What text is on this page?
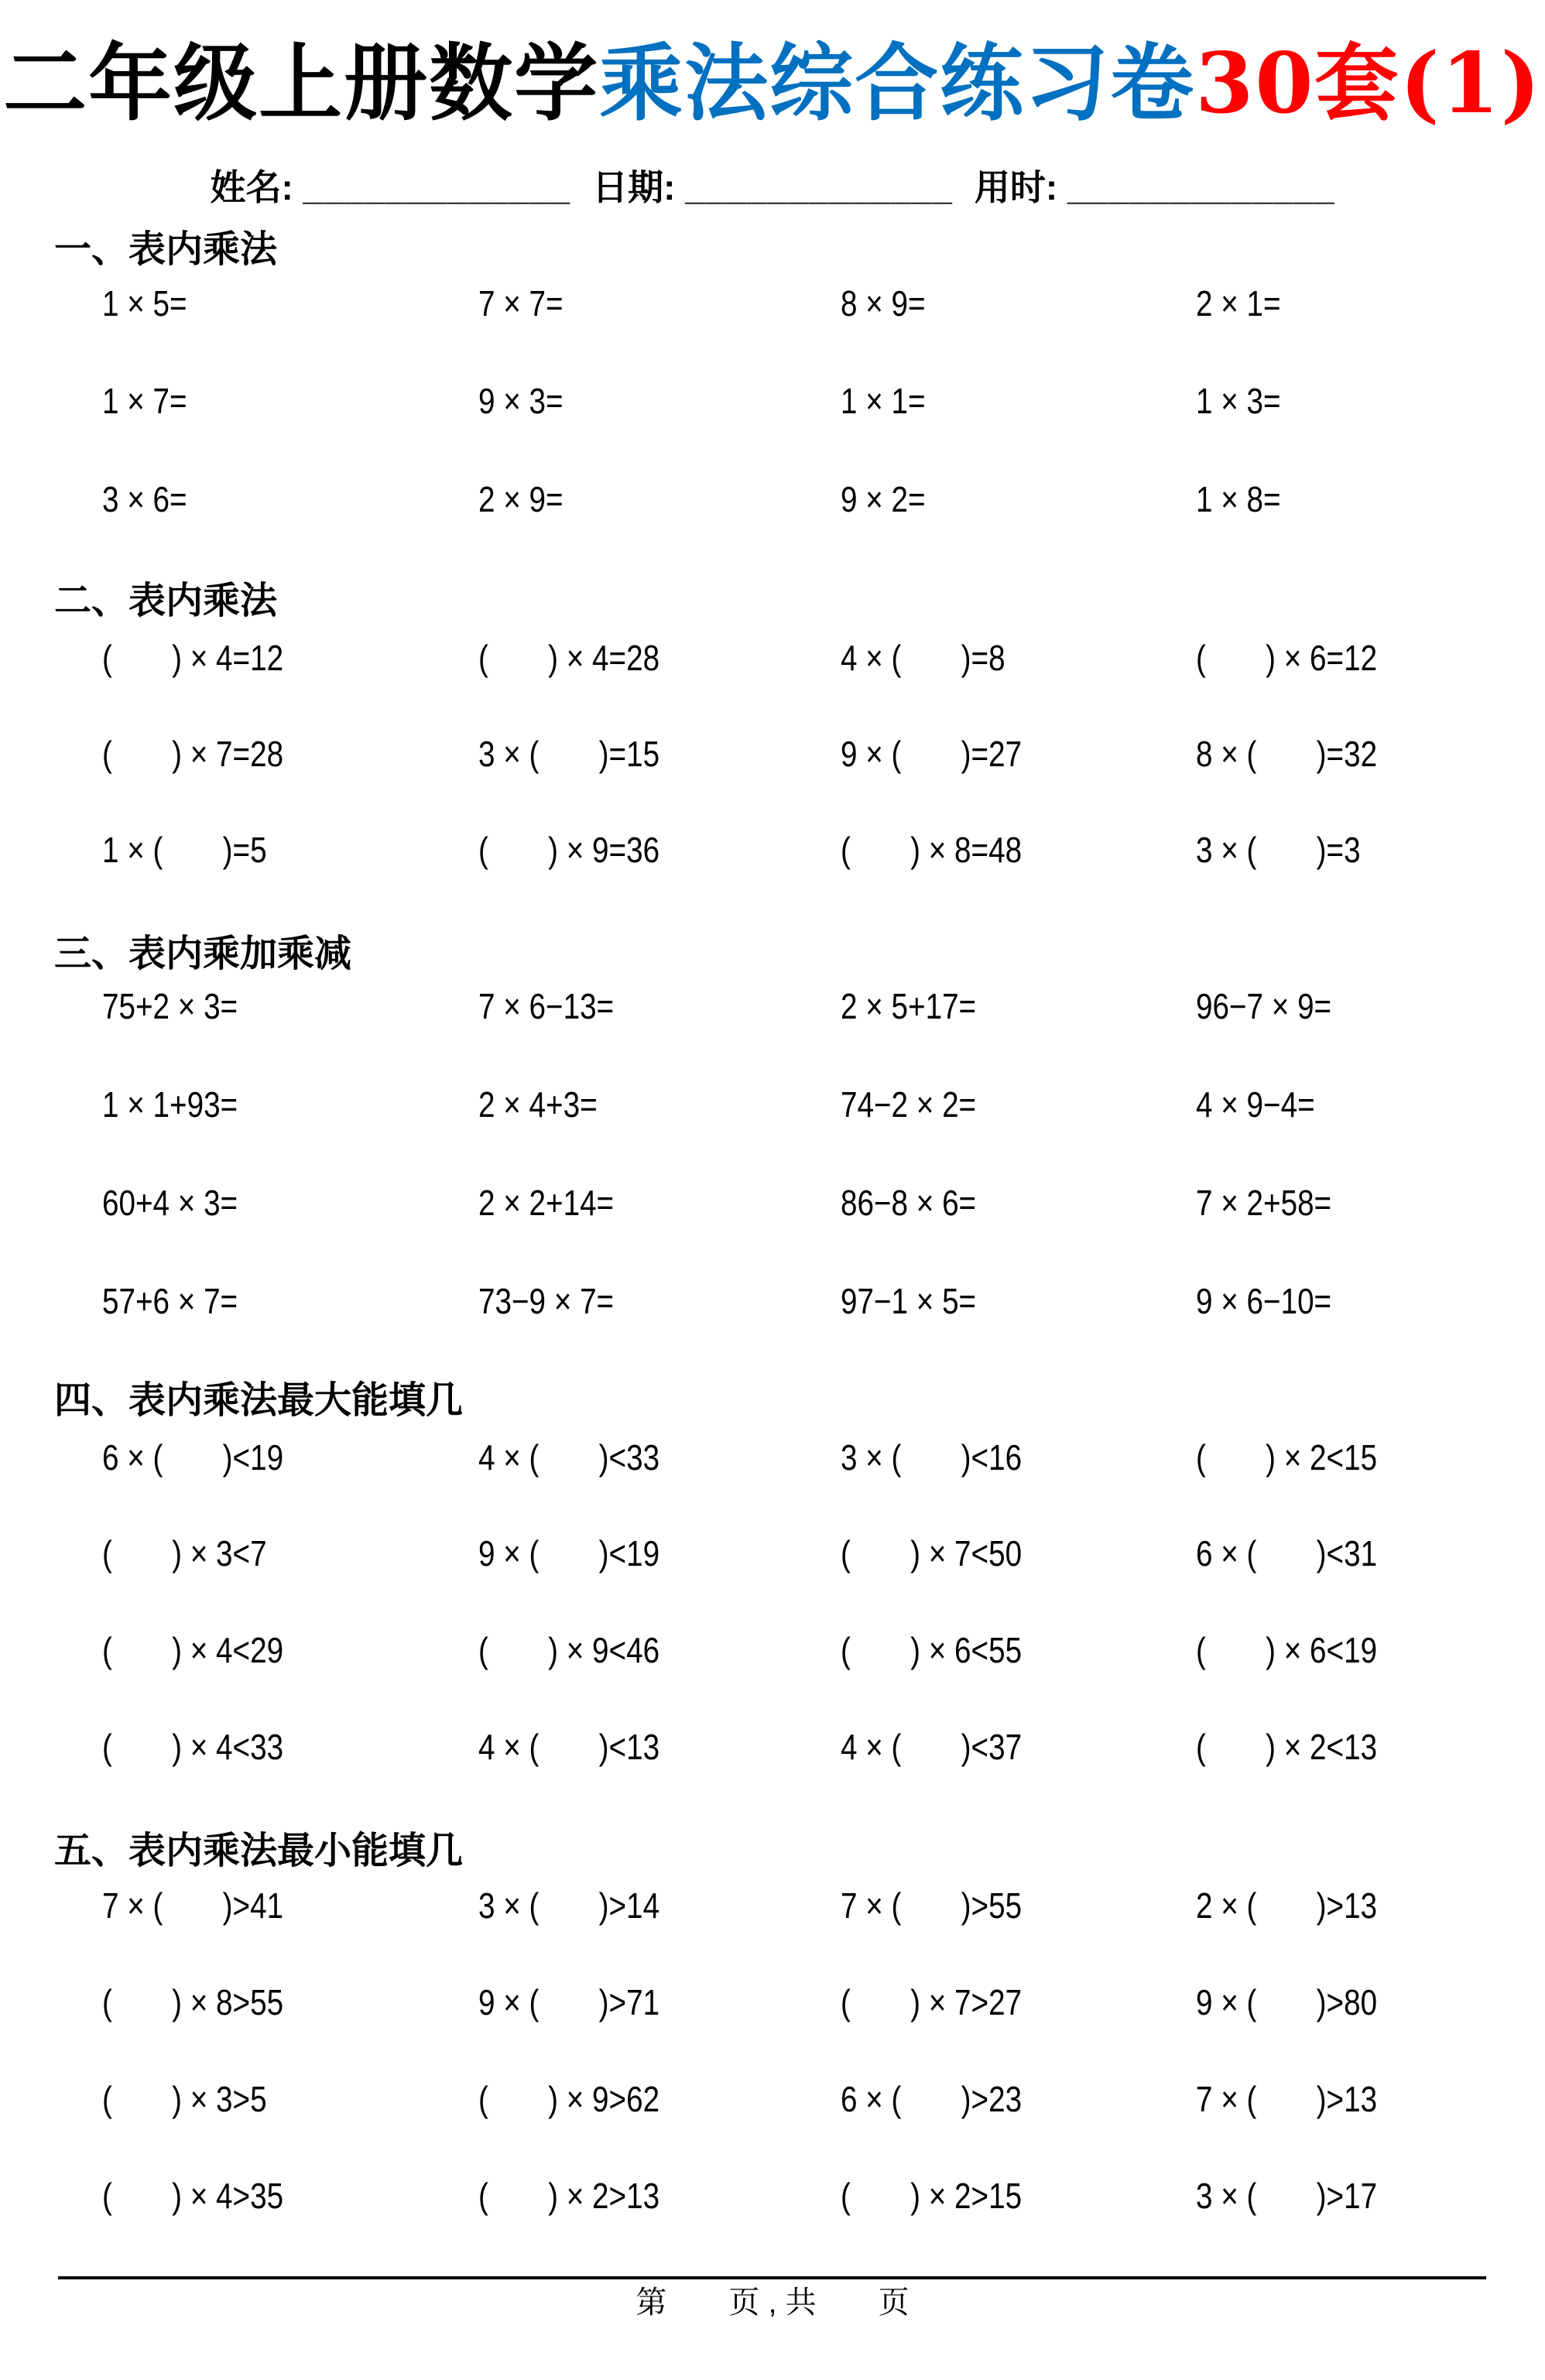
二年级上册数学乘法综合练习卷30套(1)
姓名: _____________ 日期: _____________ 用时: _____________
一、表内乘法
1 × 5=	7 × 7=	8 × 9=	2 × 1=
1 × 7=	9 × 3=	1 × 1=	1 × 3=
3 × 6=	2 × 9=	9 × 2=	1 × 8=
二、表内乘法
(　　) × 4=12	(　　) × 4=28	4 × (　　)=8	(　　) × 6=12
(　　) × 7=28	3 × (　　)=15	9 × (　　)=27	8 × (　　)=32
1 × (　　)=5	(　　) × 9=36	(　　) × 8=48	3 × (　　)=3
三、表内乘加乘减
75+2 × 3=	7 × 6−13=	2 × 5+17=	96−7 × 9=
1 × 1+93=	2 × 4+3=	74−2 × 2=	4 × 9−4=
60+4 × 3=	2 × 2+14=	86−8 × 6=	7 × 2+58=
57+6 × 7=	73−9 × 7=	97−1 × 5=	9 × 6−10=
四、表内乘法最大能填几
6 × (　　)<19	4 × (　　)<33	3 × (　　)<16	(　　) × 2<15
(　　) × 3<7	9 × (　　)<19	(　　) × 7<50	6 × (　　)<31
(　　) × 4<29	(　　) × 9<46	(　　) × 6<55	(　　) × 6<19
(　　) × 4<33	4 × (　　)<13	4 × (　　)<37	(　　) × 2<13
五、表内乘法最小能填几
7 × (　　)>41	3 × (　　)>14	7 × (　　)>55	2 × (　　)>13
(　　) × 8>55	9 × (　　)>71	(　　) × 7>27	9 × (　　)>80
(　　) × 3>5	(　　) × 9>62	6 × (　　)>23	7 × (　　)>13
(　　) × 4>35	(　　) × 2>13	(　　) × 2>15	3 × (　　)>17
第　　页 , 共　　页
